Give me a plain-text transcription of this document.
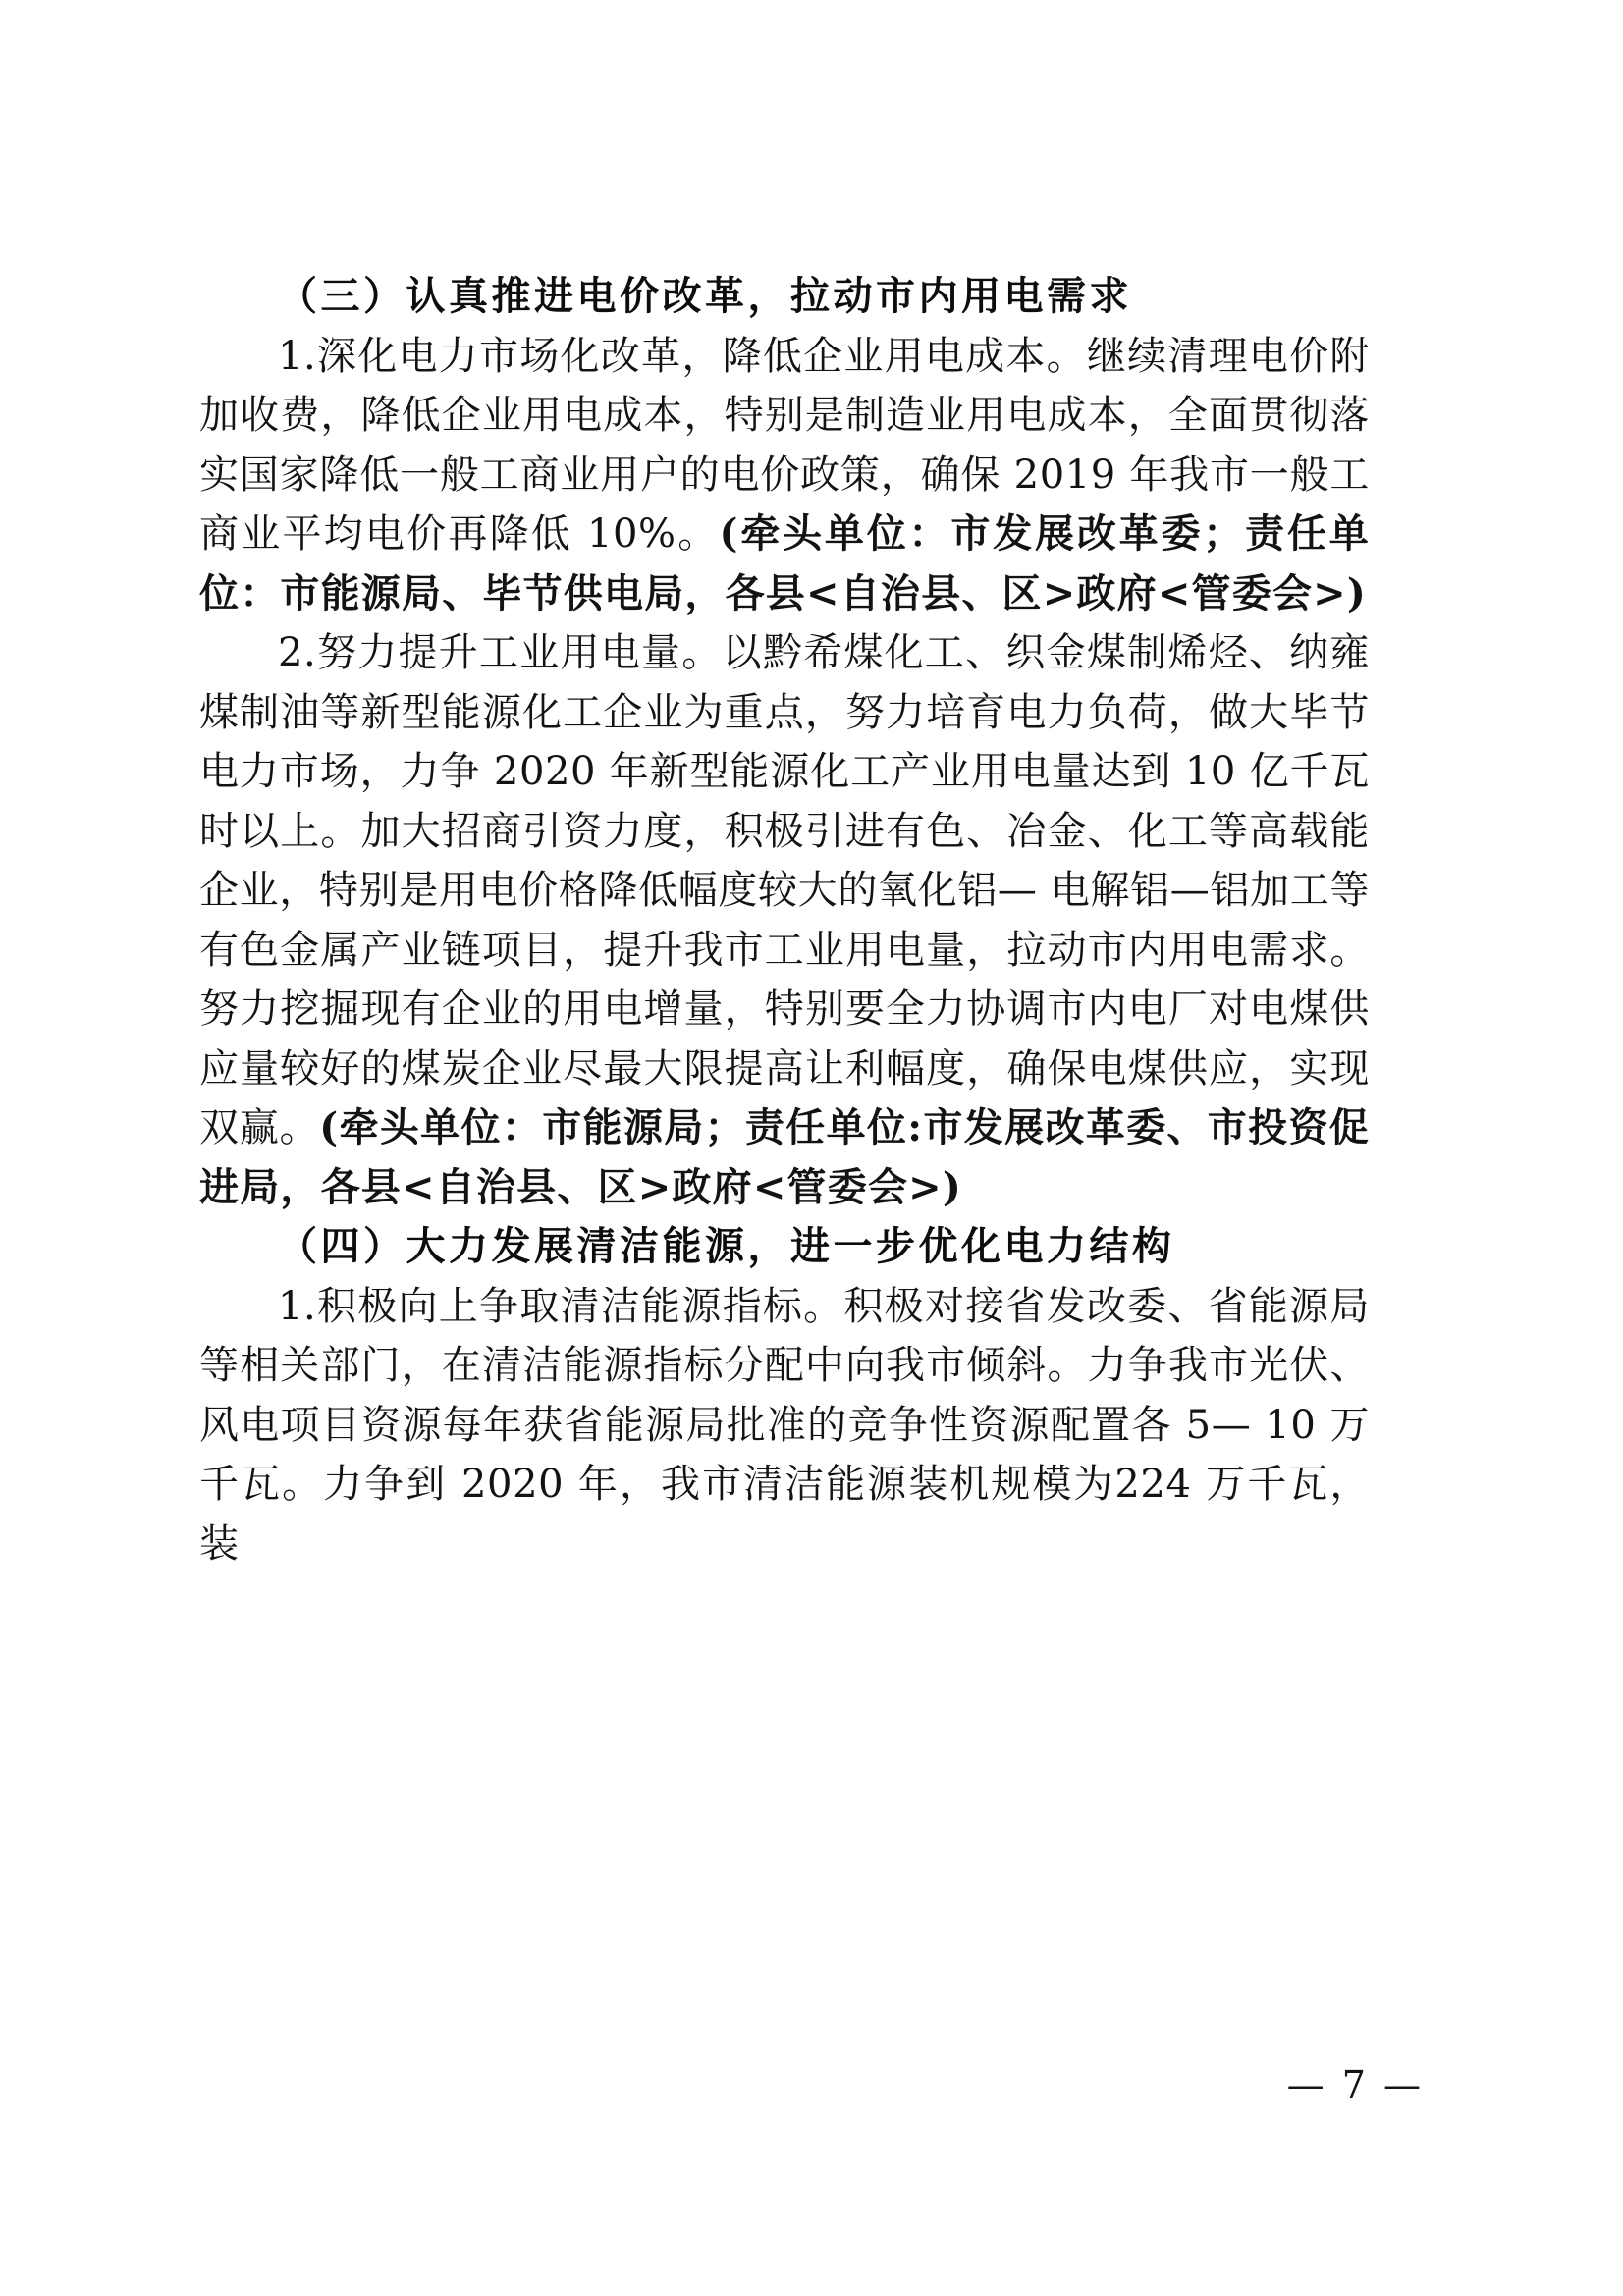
（三）认真推进电价改革，拉动市内用电需求

1.深化电力市场化改革，降低企业用电成本。继续清理电价附加收费，降低企业用电成本，特别是制造业用电成本，全面贯彻落实国家降低一般工商业用户的电价政策，确保 2019 年我市一般工商业平均电价再降低 10%。(牵头单位：市发展改革委；责任单位：市能源局、毕节供电局，各县<自治县、区>政府<管委会>)

2.努力提升工业用电量。以黔希煤化工、织金煤制烯烃、纳雍煤制油等新型能源化工企业为重点，努力培育电力负荷，做大毕节电力市场，力争 2020 年新型能源化工产业用电量达到 10 亿千瓦时以上。加大招商引资力度，积极引进有色、冶金、化工等高载能企业，特别是用电价格降低幅度较大的氧化铝— 电解铝—铝加工等有色金属产业链项目，提升我市工业用电量，拉动市内用电需求。努力挖掘现有企业的用电增量，特别要全力协调市内电厂对电煤供应量较好的煤炭企业尽最大限提高让利幅度，确保电煤供应，实现双赢。(牵头单位：市能源局；责任单位:市发展改革委、市投资促进局，各县<自治县、区>政府<管委会>)

（四）大力发展清洁能源，进一步优化电力结构

1.积极向上争取清洁能源指标。积极对接省发改委、省能源局等相关部门，在清洁能源指标分配中向我市倾斜。力争我市光伏、风电项目资源每年获省能源局批准的竞争性资源配置各 5— 10 万千瓦。力争到 2020 年，我市清洁能源装机规模为224 万千瓦，装

— 7 —
